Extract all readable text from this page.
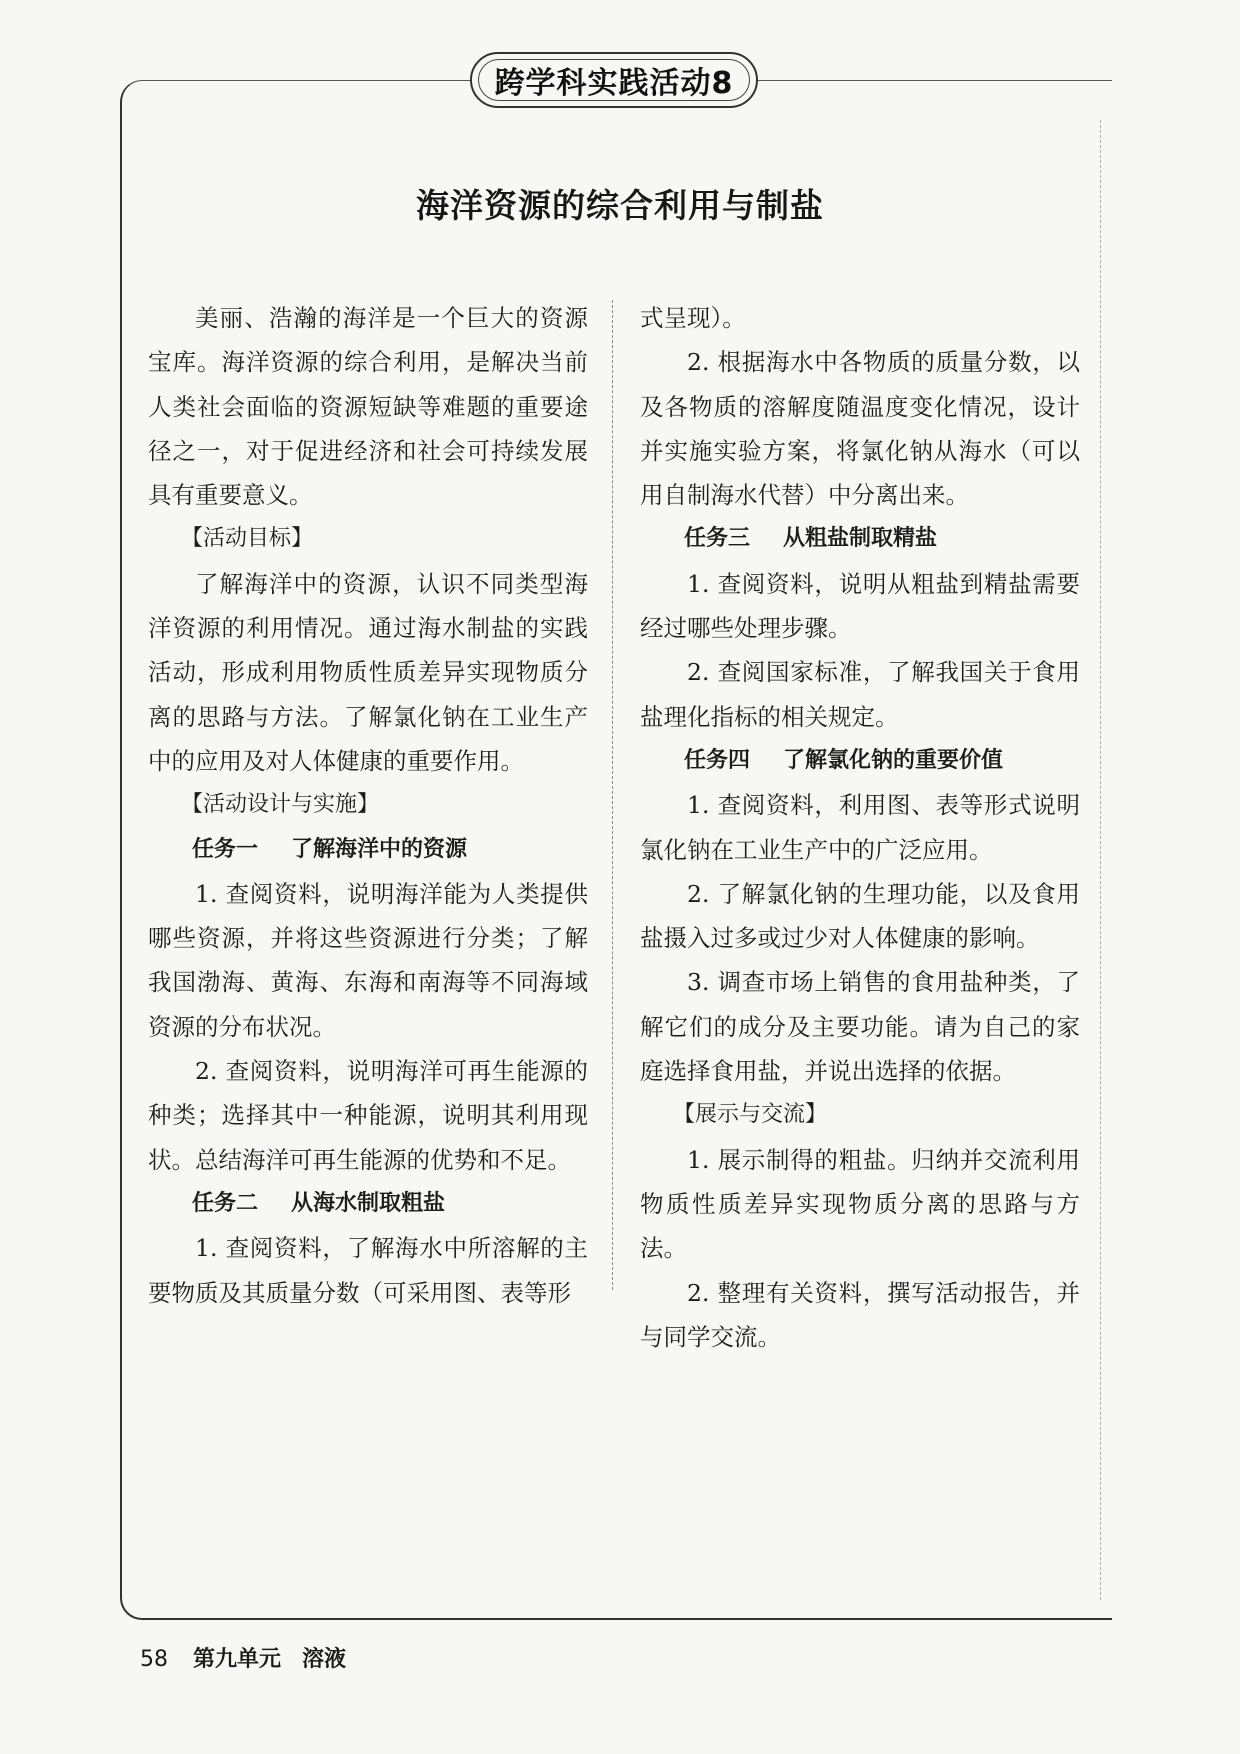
跨学科实践活动8
海洋资源的综合利用与制盐

美丽、浩瀚的海洋是一个巨大的资源宝库。海洋资源的综合利用，是解决当前人类社会面临的资源短缺等难题的重要途径之一，对于促进经济和社会可持续发展具有重要意义。

【活动目标】

了解海洋中的资源，认识不同类型海洋资源的利用情况。通过海水制盐的实践活动，形成利用物质性质差异实现物质分离的思路与方法。了解氯化钠在工业生产中的应用及对人体健康的重要作用。

【活动设计与实施】

任务一 了解海洋中的资源

1. 查阅资料，说明海洋能为人类提供哪些资源，并将这些资源进行分类；了解我国渤海、黄海、东海和南海等不同海域资源的分布状况。

2. 查阅资料，说明海洋可再生能源的种类；选择其中一种能源，说明其利用现状。总结海洋可再生能源的优势和不足。

任务二 从海水制取粗盐

1. 查阅资料，了解海水中所溶解的主要物质及其质量分数（可采用图、表等形

式呈现）。

2. 根据海水中各物质的质量分数，以及各物质的溶解度随温度变化情况，设计并实施实验方案，将氯化钠从海水（可以用自制海水代替）中分离出来。

任务三 从粗盐制取精盐

1. 查阅资料，说明从粗盐到精盐需要经过哪些处理步骤。

2. 查阅国家标准，了解我国关于食用盐理化指标的相关规定。

任务四 了解氯化钠的重要价值

1. 查阅资料，利用图、表等形式说明氯化钠在工业生产中的广泛应用。

2. 了解氯化钠的生理功能，以及食用盐摄入过多或过少对人体健康的影响。

3. 调查市场上销售的食用盐种类，了解它们的成分及主要功能。请为自己的家庭选择食用盐，并说出选择的依据。

【展示与交流】

1. 展示制得的粗盐。归纳并交流利用物质性质差异实现物质分离的思路与方法。

2. 整理有关资料，撰写活动报告，并与同学交流。

58 第九单元 溶液
